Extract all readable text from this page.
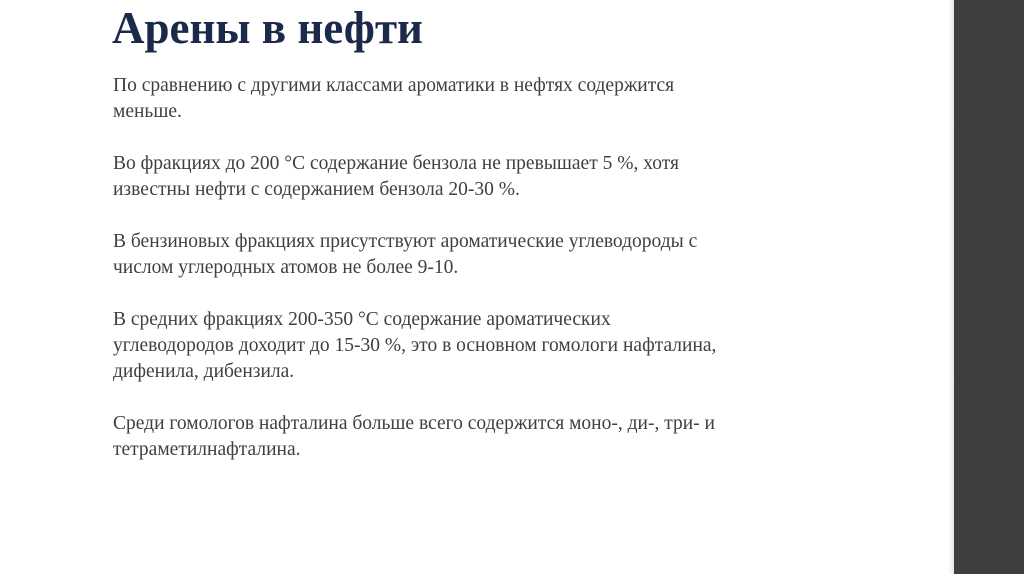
Арены в нефти

По сравнению с другими классами ароматики в нефтях содержится
меньше.

Во фракциях до 200 °С содержание бензола не превышает 5 %, хотя
известны нефти с содержанием бензола 20-30 %.

В бензиновых фракциях присутствуют ароматические углеводороды с
числом углеродных атомов не более 9-10.

В средних фракциях 200-350 °С содержание ароматических
углеводородов доходит до 15-30 %, это в основном гомологи нафталина,
дифенила, дибензила.

Среди гомологов нафталина больше всего содержится моно-, ди-, три- и
тетраметилнафталина.
